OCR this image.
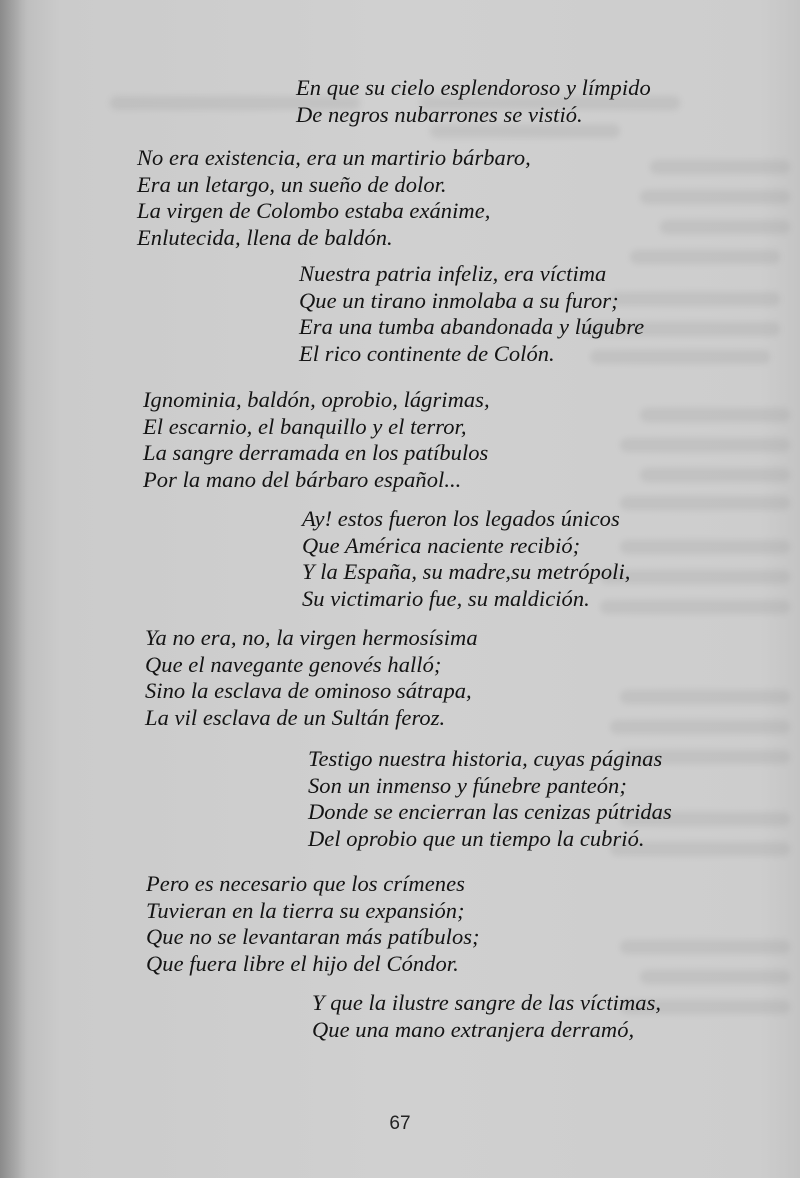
En que su cielo esplendoroso y límpido
De negros nubarrones se vistió.
No era existencia, era un martirio bárbaro,
Era un letargo, un sueño de dolor.
La virgen de Colombo estaba exánime,
Enlutecida, llena de baldón.
Nuestra patria infeliz, era víctima
Que un tirano inmolaba a su furor;
Era una tumba abandonada y lúgubre
El rico continente de Colón.
Ignominia, baldón, oprobio, lágrimas,
El escarnio, el banquillo y el terror,
La sangre derramada en los patíbulos
Por la mano del bárbaro español...
Ay! estos fueron los legados únicos
Que América naciente recibió;
Y la España, su madre,su metrópoli,
Su victimario fue, su maldición.
Ya no era, no, la virgen hermosísima
Que el navegante genovés halló;
Sino la esclava de ominoso sátrapa,
La vil esclava de un Sultán feroz.
Testigo nuestra historia, cuyas páginas
Son un inmenso y fúnebre panteón;
Donde se encierran las cenizas pútridas
Del oprobio que un tiempo la cubrió.
Pero es necesario que los crímenes
Tuvieran en la tierra su expansión;
Que no se levantaran más patíbulos;
Que fuera libre el hijo del Cóndor.
Y que la ilustre sangre de las víctimas,
Que una mano extranjera derramó,
67
